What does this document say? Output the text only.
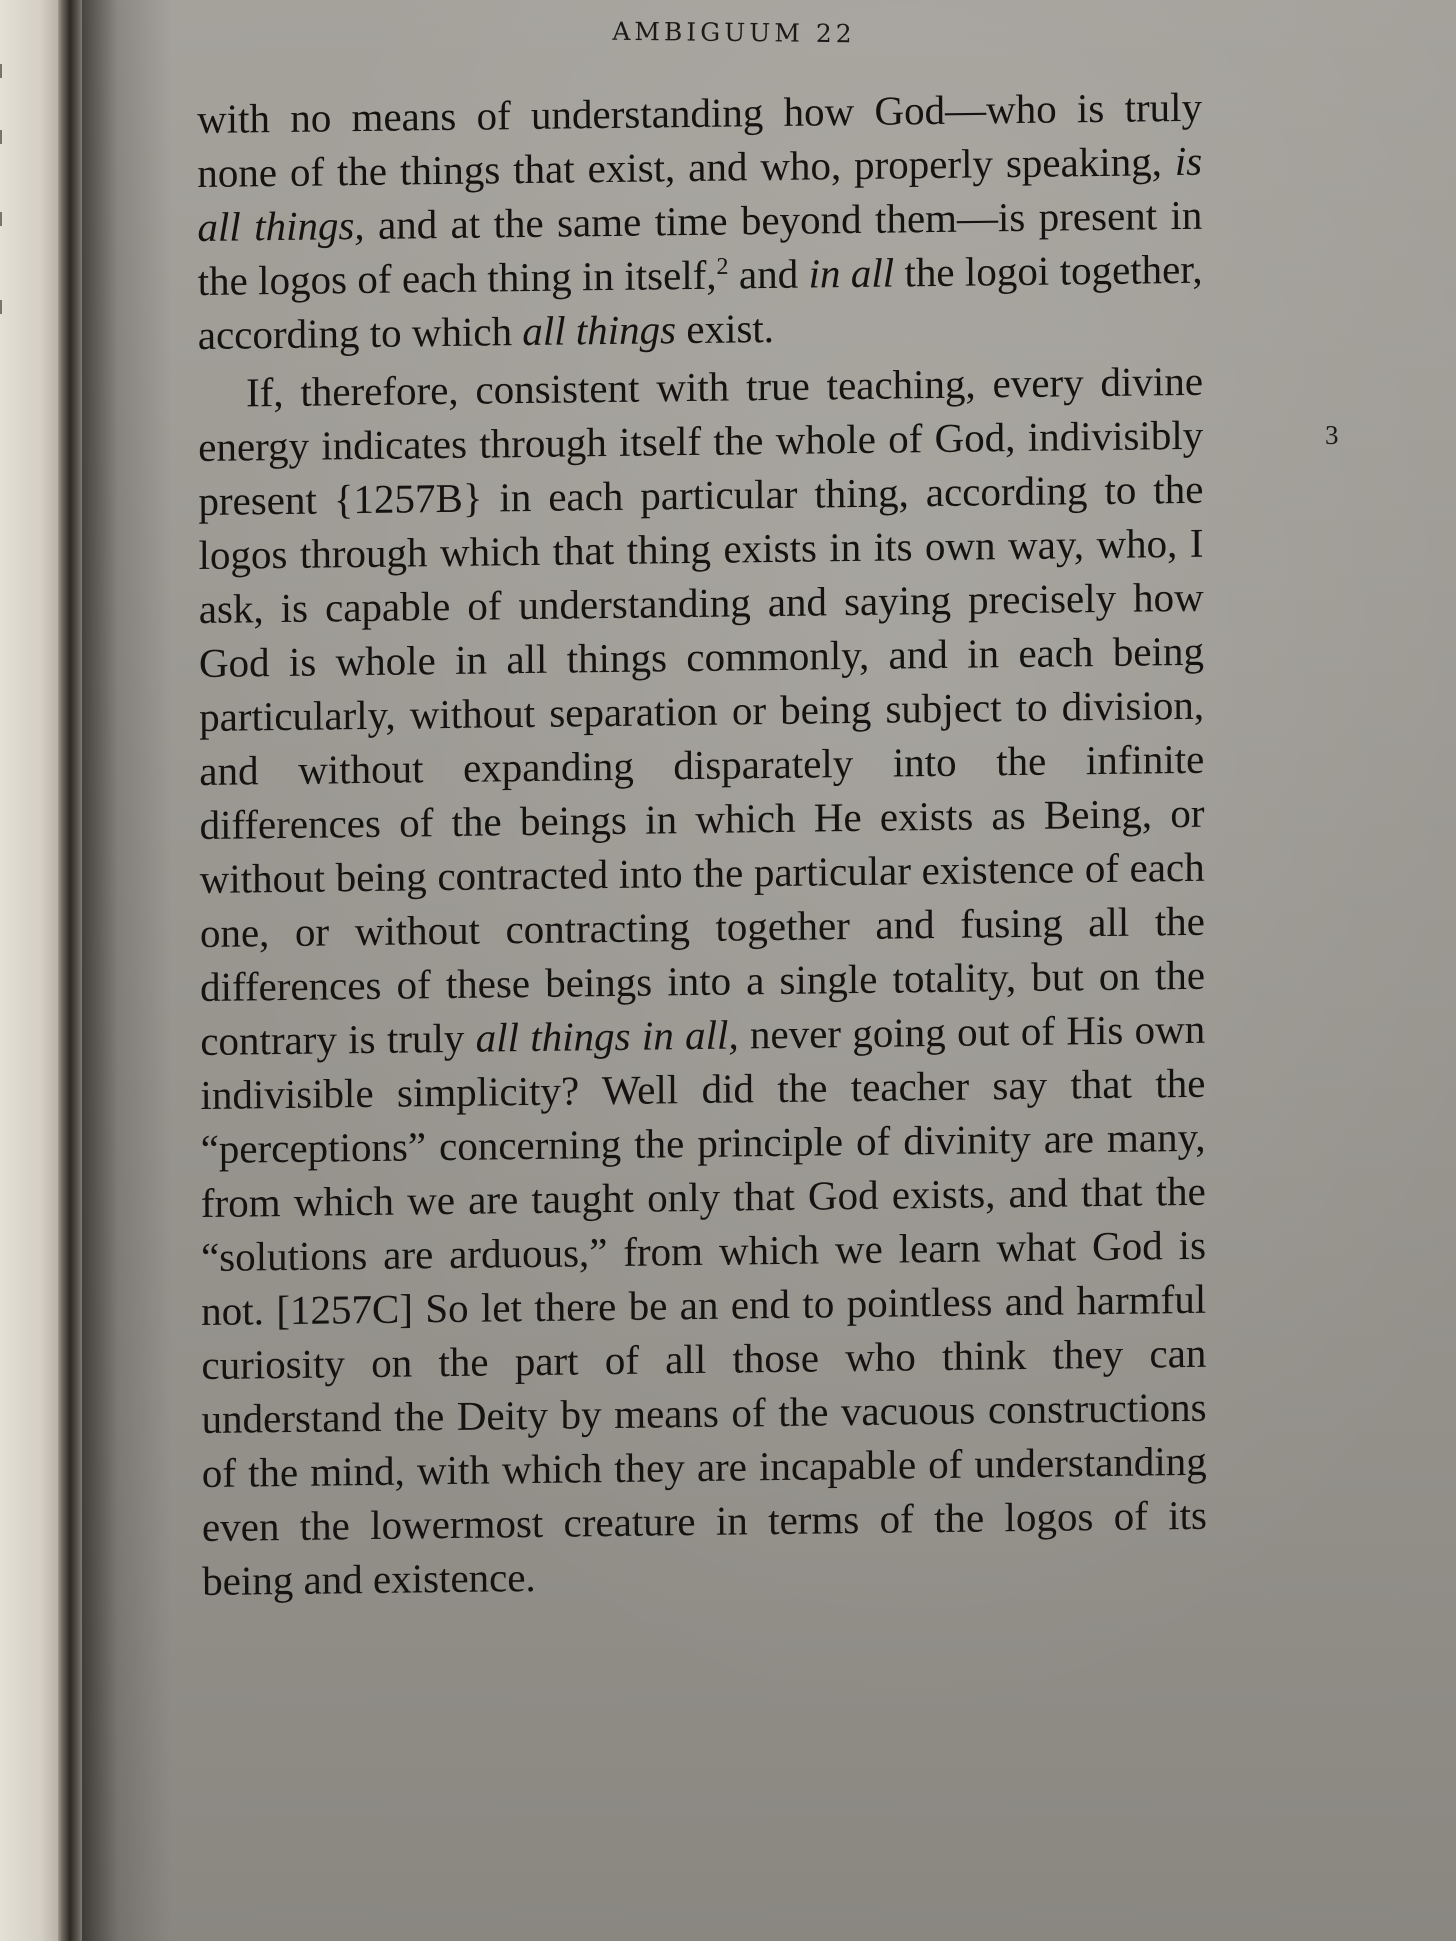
AMBIGUUM 22
3

with no means of understanding how God—who is truly none of the things that exist, and who, properly speaking, is all things, and at the same time beyond them—is present in the logos of each thing in itself,$^2$ and in all the logoi together, according to which all things exist.

If, therefore, consistent with true teaching, every divine energy indicates through itself the whole of God, indivisibly present {1257B} in each particular thing, according to the logos through which that thing exists in its own way, who, I ask, is capable of understanding and saying precisely how God is whole in all things commonly, and in each being particularly, without separation or being subject to division, and without expanding disparately into the infinite differences of the beings in which He exists as Being, or without being contracted into the particular existence of each one, or without contracting together and fusing all the differences of these beings into a single totality, but on the contrary is truly all things in all, never going out of His own indivisible simplicity? Well did the teacher say that the “perceptions” concerning the principle of divinity are many, from which we are taught only that God exists, and that the “solutions are arduous,” from which we learn what God is not. [1257C] So let there be an end to pointless and harmful curiosity on the part of all those who think they can understand the Deity by means of the vacuous constructions of the mind, with which they are incapable of understanding even the lowermost creature in terms of the logos of its being and existence.
